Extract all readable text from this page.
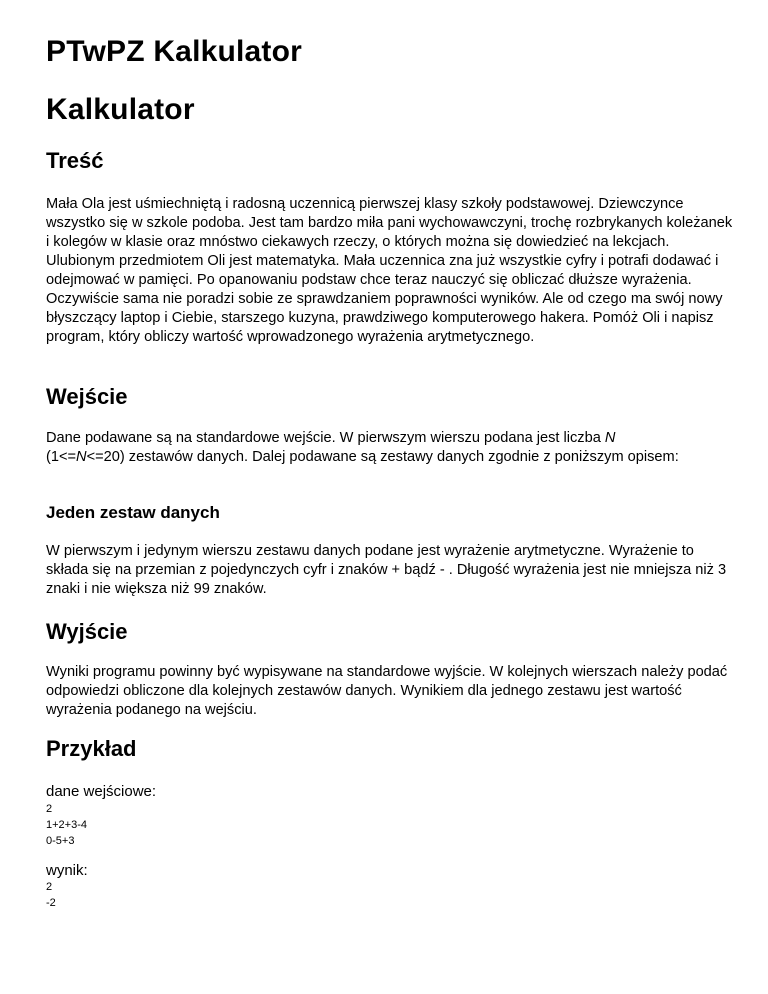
PTwPZ Kalkulator
Kalkulator
Treść

Mała Ola jest uśmiechniętą i radosną uczennicą pierwszej klasy szkoły podstawowej. Dziewczynce wszystko się w szkole podoba. Jest tam bardzo miła pani wychowawczyni, trochę rozbrykanych koleżanek i kolegów w klasie oraz mnóstwo ciekawych rzeczy, o których można się dowiedzieć na lekcjach. Ulubionym przedmiotem Oli jest matematyka. Mała uczennica zna już wszystkie cyfry i potrafi dodawać i odejmować w pamięci. Po opanowaniu podstaw chce teraz nauczyć się obliczać dłuższe wyrażenia. Oczywiście sama nie poradzi sobie ze sprawdzaniem poprawności wyników. Ale od czego ma swój nowy błyszczący laptop i Ciebie, starszego kuzyna, prawdziwego komputerowego hakera. Pomóż Oli i napisz program, który obliczy wartość wprowadzonego wyrażenia arytmetycznego.

Wejście

Dane podawane są na standardowe wejście. W pierwszym wierszu podana jest liczba N
(1<=N<=20) zestawów danych. Dalej podawane są zestawy danych zgodnie z poniższym opisem:

Jeden zestaw danych

W pierwszym i jedynym wierszu zestawu danych podane jest wyrażenie arytmetyczne. Wyrażenie to składa się na przemian z pojedynczych cyfr i znaków + bądź - . Długość wyrażenia jest nie mniejsza niż 3 znaki i nie większa niż 99 znaków.

Wyjście

Wyniki programu powinny być wypisywane na standardowe wyjście. W kolejnych wierszach należy podać odpowiedzi obliczone dla kolejnych zestawów danych. Wynikiem dla jednego zestawu jest wartość wyrażenia podanego na wejściu.

Przykład
dane wejściowe:
2
1+2+3-4
0-5+3
wynik:
2
-2
